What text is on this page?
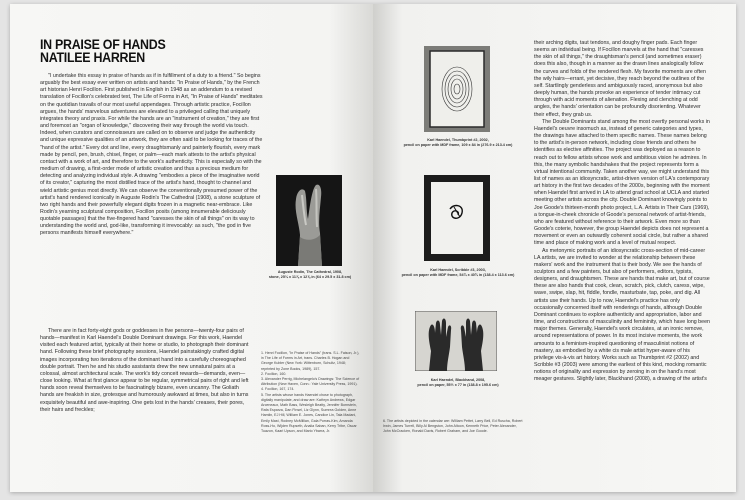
IN PRAISE OF HANDS
NATILEE HARREN

"I undertake this essay in praise of hands as if in fulfillment of a duty to a friend." So begins arguably the best essay ever written on artists and hands: "In Praise of Hands," by the French art historian Henri Focillon. First published in English in 1948 as an addendum to a revised translation of Focillon's celebrated text, The Life of Forms in Art, "In Praise of Hands" meditates on the quotidian travails of our most useful appendages. Through artistic practice, Focillon argues, the hands' marvelous adventures are elevated to a privileged calling that uniquely integrates theory and praxis. For while the hands are an "instrument of creation," they are first and foremost an "organ of knowledge," discovering their way through the world via touch. Indeed, when curators and connoisseurs are called on to observe and judge the authenticity and unique expressive qualities of an artwork, they are often said to be looking for traces of the "hand of the artist." Every dot and line, every draughtsmanly and painterly flourish, every mark made by pencil, pen, brush, chisel, finger, or palm—each mark attests to the artist's physical contact with a work of art, and therefore to the work's authenticity. This is especially so with the medium of drawing, a first-order mode of artistic creation and thus a precious medium for detecting and analyzing individual style. A drawing "embodies a piece of the imaginative world of its creator," capturing the most distilled trace of the artist's hand, thought to channel and wield artistic genius most directly. We can observe the conventionally presumed power of the artist's hand rendered iconically in Auguste Rodin's The Cathedral (1908), a stone sculpture of two right hands and their powerfully elegant digits frozen in a magnetic near-embrace. Like Rodin's yearning sculptural composition, Focillon posits (among innumerable deliciously quotable passages) that the five-fingered hand "caresses the skin of all things" on its way to understanding the world and, god-like, transforming it irrevocably: as such, "the god in five persons manifests himself everywhere."

Auguste Rodin, The Cathedral, 1908,
stone, 25¼ x 11⅞ x 12⅞ in (64 x 29.5 x 31.8 cm)

1. Henri Focillon, "In Praise of Hands" (trans. S.L. Faison, Jr.), in The Life of Forms in Art, trans. Charles B. Hogan and George Kubler (New York: Wittenborn, Schultz, 1948; reprinted by Zone Books, 1989), 157.

2. Focillon, 160.

3. Alexander Perrig, Michelangelo's Drawings: The Science of Attribution (New Haven, Conn.: Yale University Press, 1991).

4. Focillon, 167, 174.

5. The artists whose hands Haendel chose to photograph, digitally manipulate, and draw are: Kathryn Andrews, Edgar Arceneaux, Math Bass, Wesleigh Beatty, Jennifer Bornstein, Rafa Esparza, Dan Finsel, Liz Glynn, Sumrea Golden, Anne Hamlin, EJ Hill, William E. Jones, Candice Lin, Tala Madani, Emily Mast, Rodney McMillian, Gala Porras-Kim, Amanda Ross-Ho, Wijden Rupseth, Analia Saban, Kerry Tribe, Oscar Tuazon, Kaari Upson, and Mario Ybarra, Jr.

There are in fact forty-eight gods or goddesses in five persons—twenty-four pairs of hands—manifest in Karl Haendel's Double Dominant drawings. For this work, Haendel visited each featured artist, typically at their home or studio, to photograph their dominant hand. Following these brief photography sessions, Haendel painstakingly crafted digital images incorporating two iterations of the dominant hand into a carefully choreographed double portrait. Then he and his studio assistants drew the new unnatural pairs at a colossal, almost architectural scale. The work's tidy conceit rewards—demands, even—close looking. What at first glance appear to be regular, symmetrical pairs of right and left hands soon reveal themselves to be fascinatingly bizarre, even uncanny. The Goliath hands are freakish in size, grotesque and humorously awkward at times, but also in turns exquisitely beautiful and awe-inspiring. One gets lost in the hands' creases, their pores, their hairs and freckles;

Karl Haendel, Thumbprint #2, 2002,
pencil on paper with MDF frame, 109 x 84 in (276.9 x 213.4 cm)
Karl Haendel, Scribble #3, 2003,
pencil on paper with MDF frame, 54¾ x 40¾ in (138.4 x 113.6 cm)
Karl Haendel, Blackhand, 2008,
pencil on paper, 55½ x 77 in (138.8 x 195.6 cm)

6. The artists depicted in the calendar are: William Pettet, Larry Bell, Ed Ruscha, Robert Irwin, James Turrell, Billy Al Bengston, John Altoon, Kenneth Price, Peter Alexander, John McCracken, Ronald Davis, Robert Graham, and Joe Goode.

their arching digits, taut tendons, and doughy finger pads. Each finger seems an individual being. If Focillon marvels at the hand that "caresses the skin of all things," the draughtsman's pencil (and sometimes eraser) does this also, though in a manner as the drawn lines analogically follow the curves and folds of the rendered flesh. My favorite moments are often the wily hairs—errant, yet decisive, they reach beyond the outlines of the self. Startlingly genderless and ambiguously raced, anonymous but also deeply human, the hands provoke an experience of tender intimacy cut through with acid moments of alienation. Flexing and clenching at odd angles, the hands' orientation can be profoundly disorienting. Whatever their effect, they grab us.

The Double Dominants stand among the most overtly personal works in Haendel's oeuvre insomuch as, instead of generic categories and types, the drawings have attached to them specific names. These names belong to the artist's in-person network, including close friends and others he identifies as elective affinities. The project was deployed as a reason to reach out to fellow artists whose work and ambitious vision he admires. In this, the many symbolic handshakes that the project represents form a virtual intentional community. Taken another way, we might understand this list of names as an idiosyncratic, artist-driven version of LA's contemporary art history in the first two decades of the 2000s, beginning with the moment when Haendel first arrived in LA to attend grad school at UCLA and started meeting other artists across the city. Double Dominant knowingly points to Joe Goode's thirteen-month photo project, L.A. Artists in Their Cars (1969), a tongue-in-cheek chronicle of Goode's personal network of artist-friends, who are featured without reference to their artwork. Even more so than Goode's coterie, however, the group Haendel depicts does not represent a movement or even an outwardly coherent social circle, but rather a shared time and place of making work and a level of mutual respect.

As metonymic portraits of an idiosyncratic cross-section of mid-career LA artists, we are invited to wonder at the relationship between these makers' work and the instrument that is their body. We see the hands of sculptors and a few painters, but also of performers, editors, typists, designers, and draughtsmen. These are hands that make art, but of course these are also hands that cook, clean, scratch, pick, clutch, caress, wipe, wave, swipe, slap, hit, fiddle, fondle, masturbate, tap, poke, and dig. All artists use their hands. Up to now, Haendel's practice has only occasionally concerned itself with renderings of hands, although Double Dominant continues to explore authenticity and appropriation, labor and time, and constructions of masculinity and femininity, which have long been major themes. Generally, Haendel's work circulates, at an ironic remove, around representations of power. In its most incisive moments, the work amounts to a feminism-inspired questioning of masculinist notions of mastery, as embodied by a white cis male artist hyper-aware of his privilege vis-à-vis art history. Works such as Thumbprint #2 (2002) and Scribble #3 (2003) were among the earliest of this kind, mocking romantic notions of originality and expression by zeroing in on the hand's most meager gestures. Slightly later, Blackhand (2008), a drawing of the artist's
